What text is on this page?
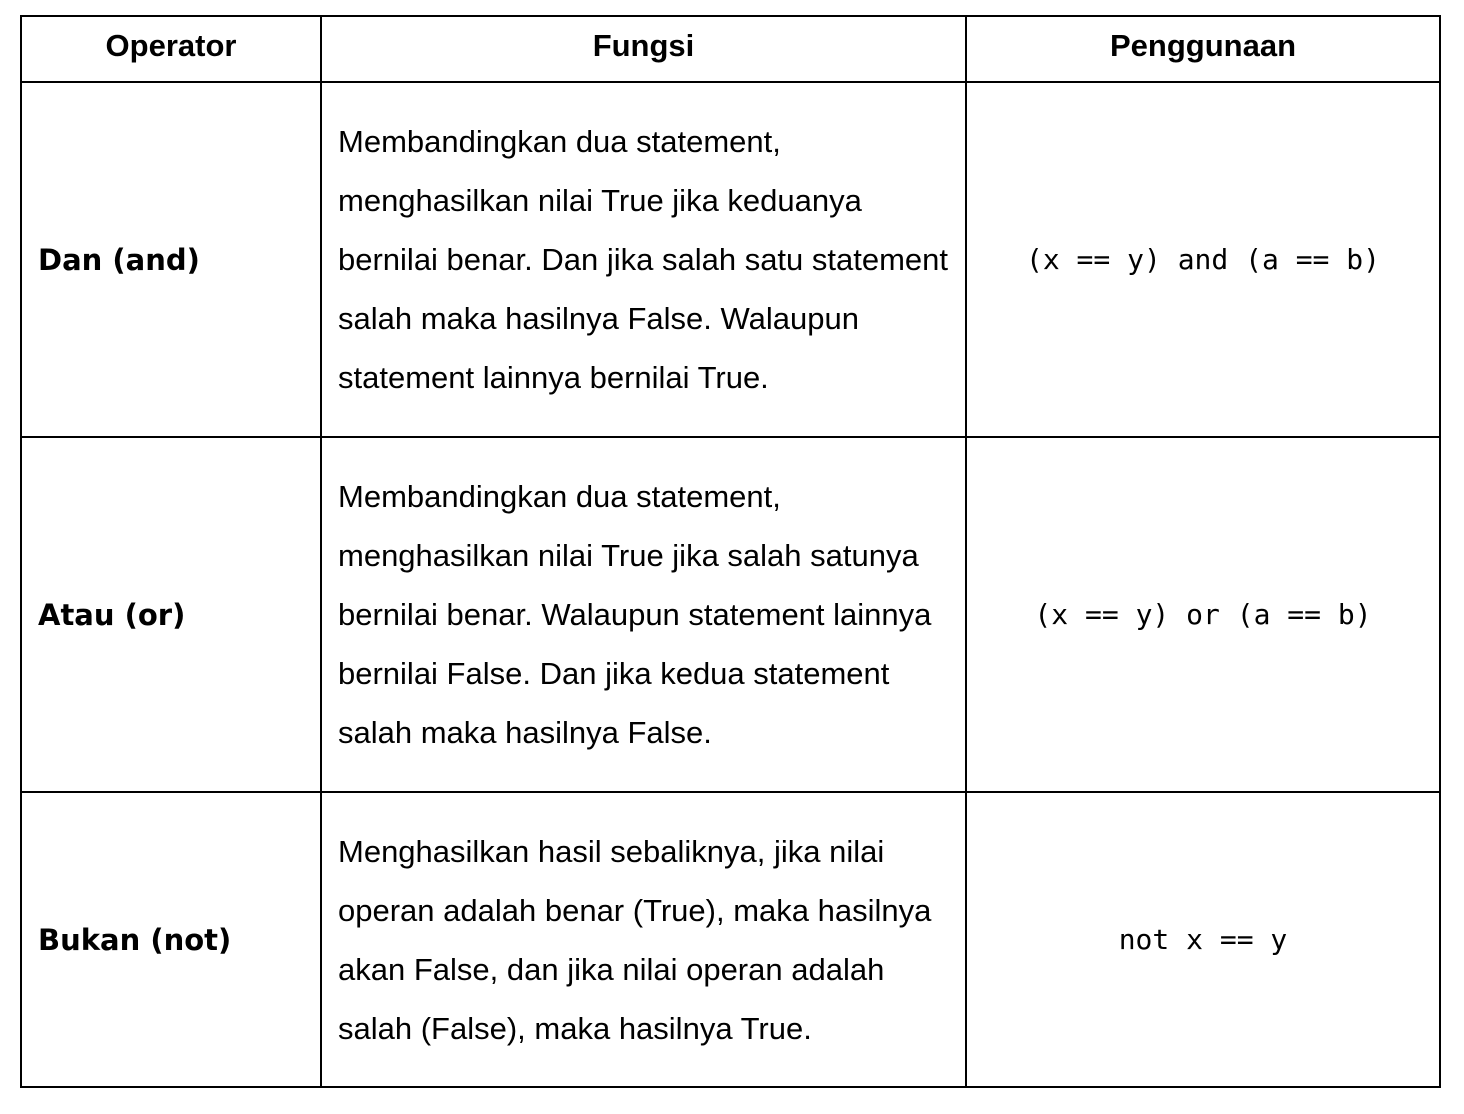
Operator	Fungsi	Penggunaan
Dan (and)	Membandingkan dua statement, menghasilkan nilai True jika keduanya bernilai benar. Dan jika salah satu statement salah maka hasilnya False. Walaupun statement lainnya bernilai True.	(x == y) and (a == b)
Atau (or)	Membandingkan dua statement, menghasilkan nilai True jika salah satunya bernilai benar. Walaupun statement lainnya bernilai False. Dan jika kedua statement salah maka hasilnya False.	(x == y) or (a == b)
Bukan (not)	Menghasilkan hasil sebaliknya, jika nilai operan adalah benar (True), maka hasilnya akan False, dan jika nilai operan adalah salah (False), maka hasilnya True.	not x == y
